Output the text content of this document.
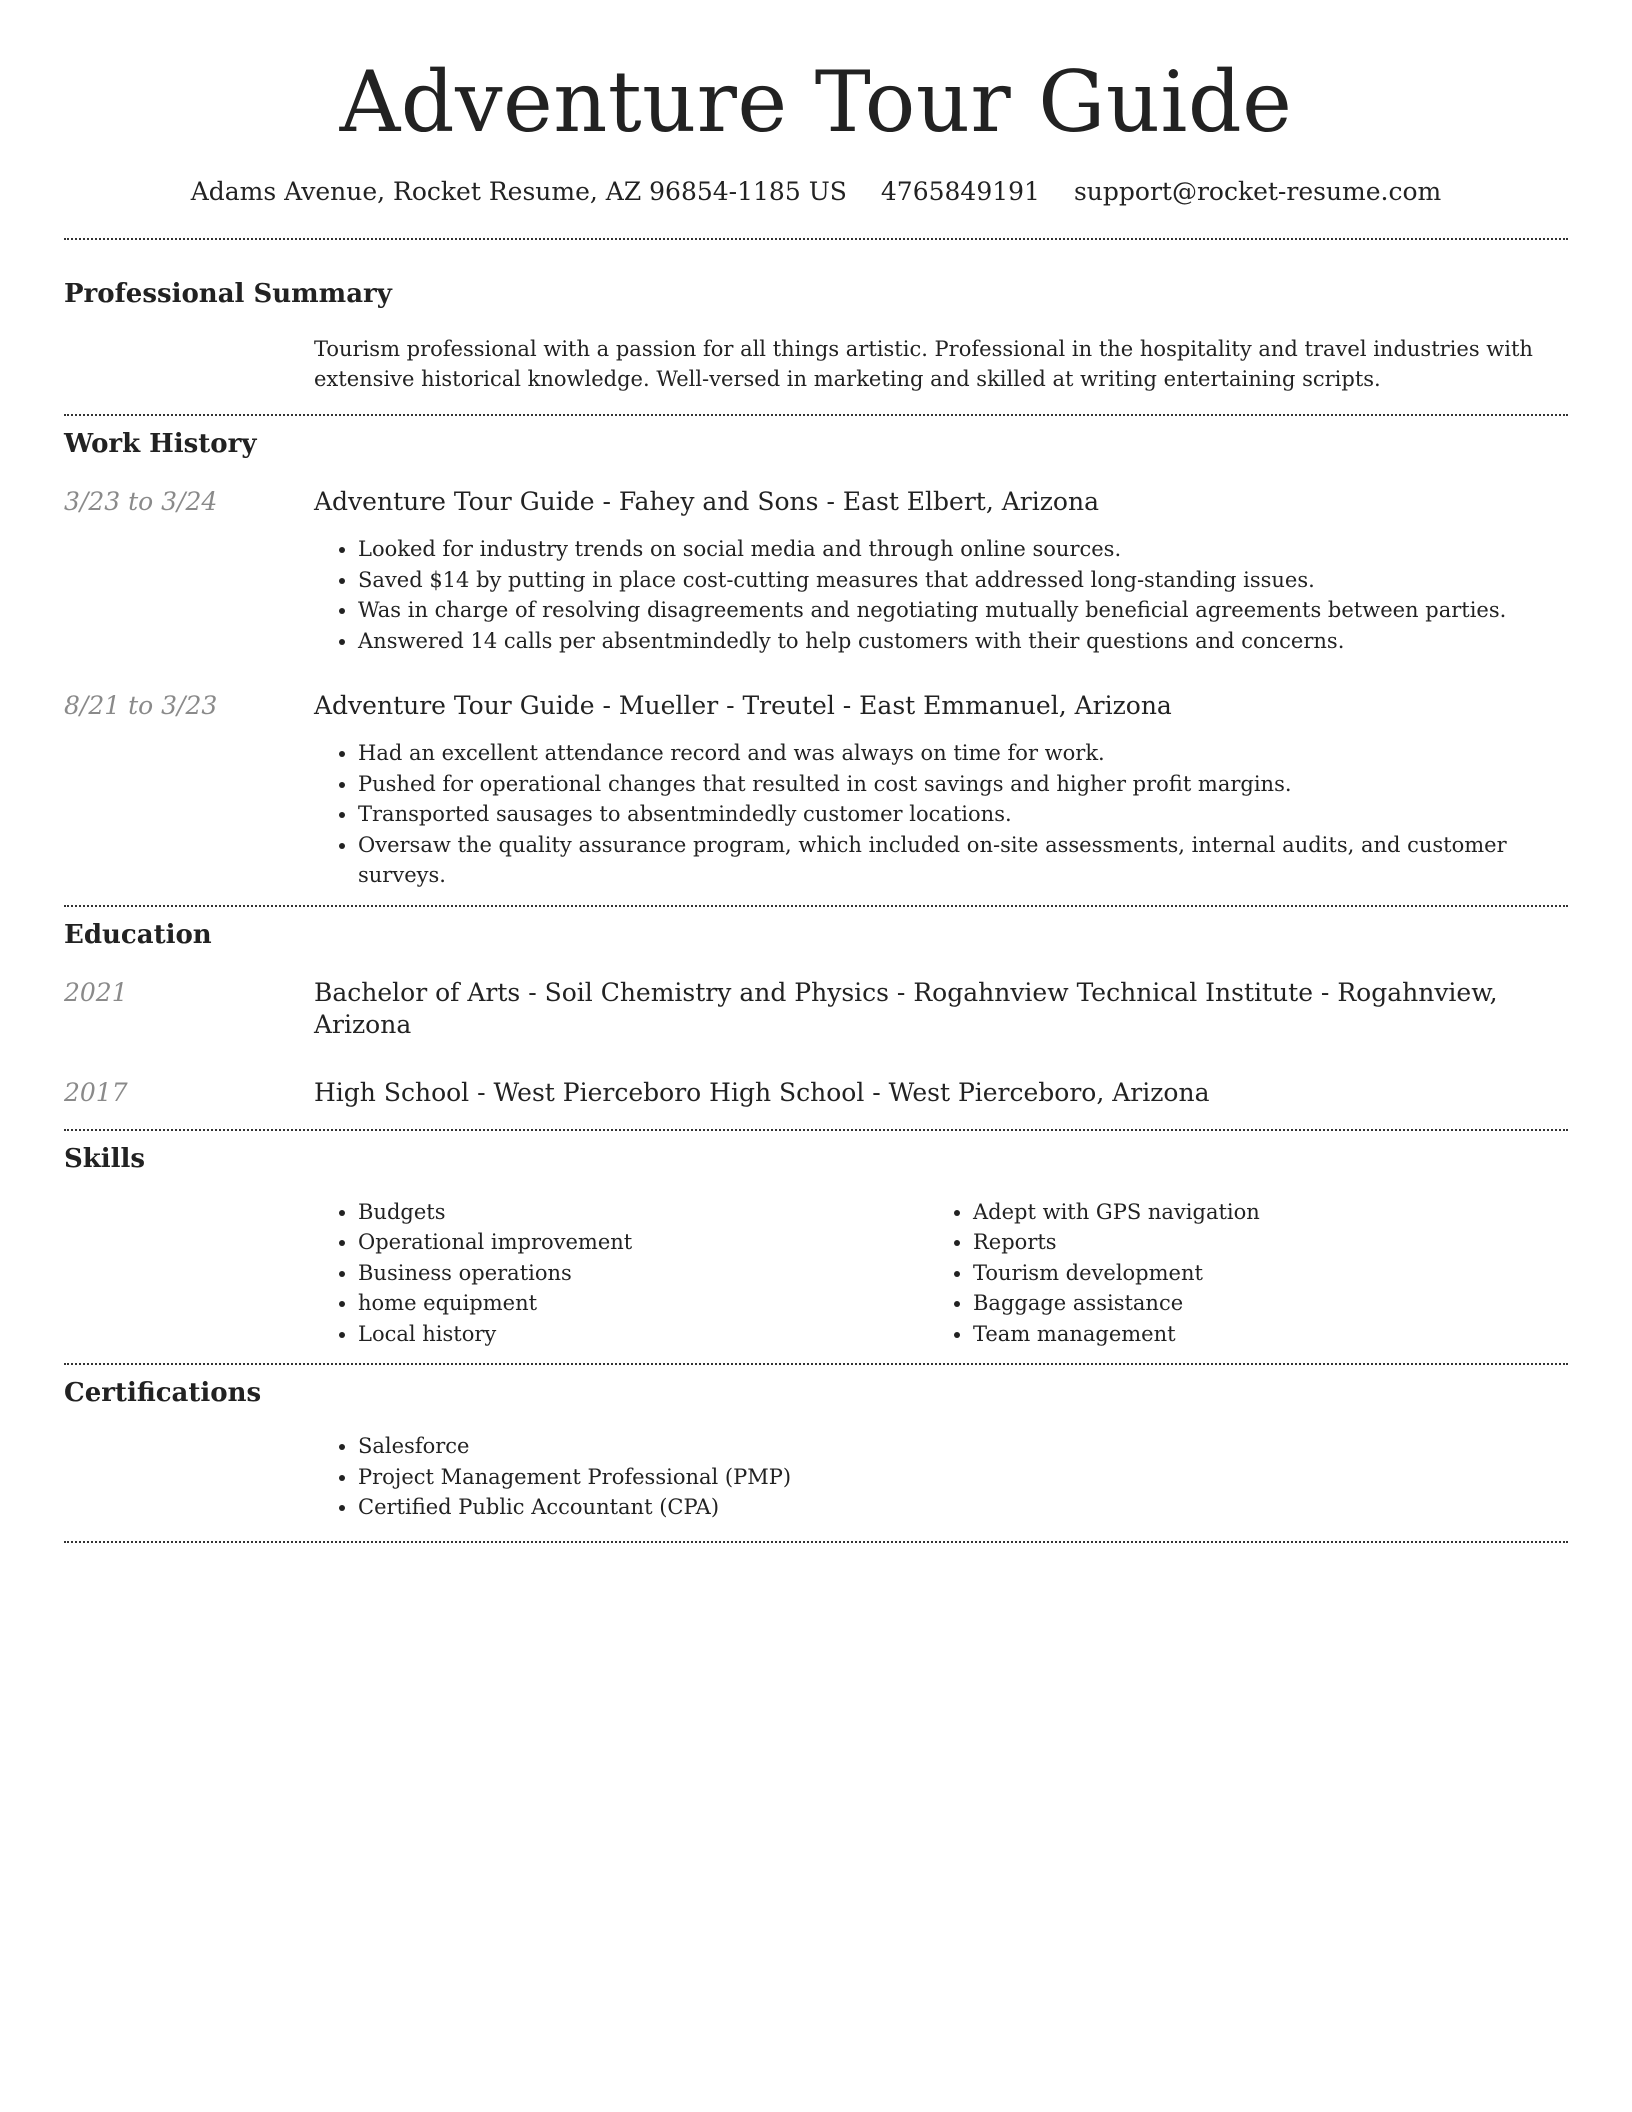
Adventure Tour Guide
Adams Avenue, Rocket Resume, AZ 96854-1185 US 4765849191 support@rocket-resume.com
Professional Summary

Tourism professional with a passion for all things artistic. Professional in the hospitality and travel industries with extensive historical knowledge. Well-versed in marketing and skilled at writing entertaining scripts.

Work History
3/23 to 3/24	Adventure Tour Guide - Fahey and Sons - East Elbert, Arizona
• Looked for industry trends on social media and through online sources.
• Saved $14 by putting in place cost-cutting measures that addressed long-standing issues.
• Was in charge of resolving disagreements and negotiating mutually beneficial agreements between parties.
• Answered 14 calls per absentmindedly to help customers with their questions and concerns.
8/21 to 3/23	Adventure Tour Guide - Mueller - Treutel - East Emmanuel, Arizona
• Had an excellent attendance record and was always on time for work.
• Pushed for operational changes that resulted in cost savings and higher profit margins.
• Transported sausages to absentmindedly customer locations.
• Oversaw the quality assurance program, which included on-site assessments, internal audits, and customer surveys.
Education
2021	Bachelor of Arts - Soil Chemistry and Physics - Rogahnview Technical Institute - Rogahnview, Arizona
2017	High School - West Pierceboro High School - West Pierceboro, Arizona
Skills
• Budgets
• Operational improvement
• Business operations
• home equipment
• Local history
• Adept with GPS navigation
• Reports
• Tourism development
• Baggage assistance
• Team management
Certifications
• Salesforce
• Project Management Professional (PMP)
• Certified Public Accountant (CPA)
